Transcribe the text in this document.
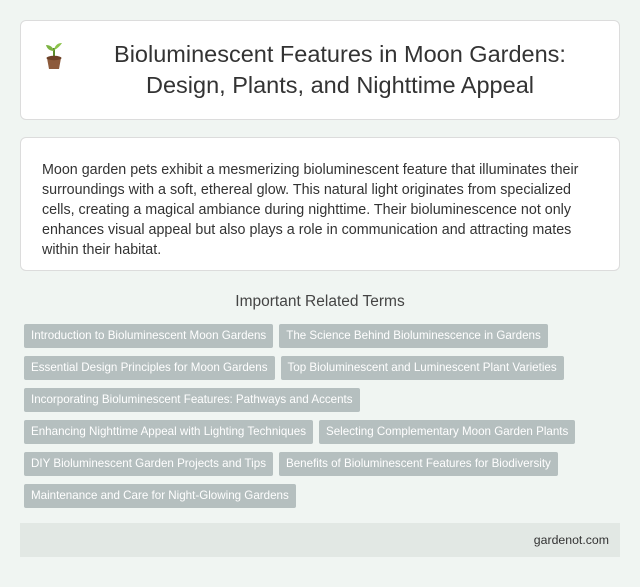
Bioluminescent Features in Moon Gardens: Design, Plants, and Nighttime Appeal

Moon garden pets exhibit a mesmerizing bioluminescent feature that illuminates their surroundings with a soft, ethereal glow. This natural light originates from specialized cells, creating a magical ambiance during nighttime. Their bioluminescence not only enhances visual appeal but also plays a role in communication and attracting mates within their habitat.

Important Related Terms
Introduction to Bioluminescent Moon Gardens	The Science Behind Bioluminescence in Gardens
Essential Design Principles for Moon Gardens	Top Bioluminescent and Luminescent Plant Varieties
Incorporating Bioluminescent Features: Pathways and Accents
Enhancing Nighttime Appeal with Lighting Techniques	Selecting Complementary Moon Garden Plants
DIY Bioluminescent Garden Projects and Tips	Benefits of Bioluminescent Features for Biodiversity
Maintenance and Care for Night-Glowing Gardens
gardenot.com
